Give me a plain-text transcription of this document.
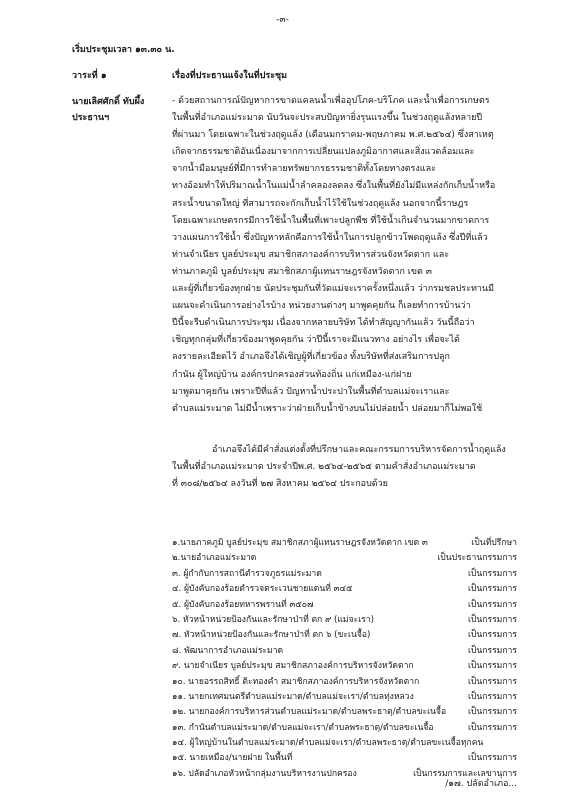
-๓-
เริ่มประชุมเวลา ๑๓.๓๐ น.
วาระที่ ๑	เรื่องที่ประธานแจ้งในที่ประชุม
นายเลิศศักดิ์ ทับผึ้ง
ประธานฯ
- ด้วยสถานการณ์ปัญหาการขาดแคลนน้ำเพื่ออุปโภค-บริโภค และน้ำเพื่อการเกษตร
ในพื้นที่อำเภอแม่ระมาด นับวันจะประสบปัญหายิ่งรุนแรงขึ้น ในช่วงฤดูแล้งหลายปี
ที่ผ่านมา โดยเฉพาะในช่วงฤดูแล้ง (เดือนมกราคม-พฤษภาคม พ.ศ.๒๕๖๔) ซึ่งสาเหตุ
เกิดจากธรรมชาติอันเนื่องมาจากการเปลี่ยนแปลงภูมิอากาศและสิ่งแวดล้อมและ
จากน้ำมือมนุษย์ที่มีการทำลายทรัพยากรธรรมชาติทั้งโดยทางตรงและ
ทางอ้อมทำให้ปริมาณน้ำในแม่น้ำลำคลองลดลง ซึ่งในพื้นที่ยังไม่มีแหล่งกักเก็บน้ำหรือ
สระน้ำขนาดใหญ่ ที่สามารถจะกักเก็บน้ำไว้ใช้ในช่วงฤดูแล้ง นอกจากนี้ราษฎร
โดยเฉพาะเกษตรกรมีการใช้น้ำในพื้นที่เพาะปลูกพืช ที่ใช้น้ำเกินจำนวนมากขาดการ
วางแผนการใช้น้ำ ซึ่งปัญหาหลักคือการใช้น้ำในการปลูกข้าวโพดฤดูแล้ง ซึ่งปีที่แล้ว
ท่านจำเนียร บูลย์ประมุข สมาชิกสภาองค์การบริหารส่วนจังหวัดตาก และ
ท่านภาคภูมิ บูลย์ประมุข สมาชิกสภาผู้แทนราษฎรจังหวัดตาก เขต ๓
และผู้ที่เกี่ยวข้องทุกฝ่าย นัดประชุมกันที่วัดแม่จะเราครั้งหนึ่งแล้ว ว่ากรมชลประทานมี
แผนจะดำเนินการอย่างไรบ้าง หน่วยงานต่างๆ มาพูดคุยกัน ก็เลยทำการบ้านว่า
ปีนี้จะรีบดำเนินการประชุม เนื่องจากหลายบริษัท ได้ทำสัญญากันแล้ว วันนี้ถือว่า
เชิญทุกกลุ่มที่เกี่ยวข้องมาพูดคุยกัน ว่าปีนี้เราจะมีแนวทาง อย่างไร เพื่อจะได้
ลงรายละเอียดไว้ อำเภอจึงได้เชิญผู้ที่เกี่ยวข้อง ทั้งบริษัทที่ส่งเสริมการปลูก
กำนัน ผู้ใหญ่บ้าน องค์กรปกครองส่วนท้องถิ่น แก่เหมือง-แก่ฝาย
มาพูดมาคุยกัน เพราะปีที่แล้ว ปัญหาน้ำประปาในพื้นที่ตำบลแม่จะเราและ
ตำบลแม่ระมาด ไม่มีน้ำเพราะว่าฝ่ายเก็บน้ำข้างบนไม่ปล่อยน้ำ ปล่อยมาก็ไม่พอใช้
อำเภอจึงได้มีคำสั่งแต่งตั้งที่ปรึกษาและคณะกรรมการบริหารจัดการน้ำฤดูแล้ง
ในพื้นที่อำเภอแม่ระมาด ประจำปีพ.ศ. ๒๕๖๔-๒๕๖๕ ตามคำสั่งอำเภอแม่ระมาด
ที่ ๓๐๘/๒๕๖๔ ลงวันที่ ๒๗ สิงหาคม ๒๕๖๔ ประกอบด้วย
๑.นายภาคภูมิ บูลย์ประมุข สมาชิกสภาผู้แทนราษฎรจังหวัดตาก เขต ๓	เป็นที่ปรึกษา
๒.นายอำเภอแม่ระมาด	เป็นประธานกรรมการ
๓. ผู้กำกับการสถานีตำรวจภูธรแม่ระมาด	เป็นกรรมการ
๔. ผู้บังคับกองร้อยตำรวจตระเวนชายแดนที่ ๓๔๕	เป็นกรรมการ
๕. ผู้บังคับกองร้อยทหารพรานที่ ๓๕๐๗	เป็นกรรมการ
๖. หัวหน้าหน่วยป้องกันและรักษาป่าที่ ตก ๙ (แม่จะเรา)	เป็นกรรมการ
๗. หัวหน้าหน่วยป้องกันและรักษาป่าที่ ตก ๖ (ขะเนจื้อ)	เป็นกรรมการ
๘. พัฒนาการอำเภอแม่ระมาด	เป็นกรรมการ
๙. นายจำเนียร บูลย์ประมุข สมาชิกสภาองค์การบริหารจังหวัดตาก	เป็นกรรมการ
๑๐. นายอรรถสิทธิ์ ติะทองคำ สมาชิกสภาองค์การบริหารจังหวัดตาก	เป็นกรรมการ
๑๑. นายกเทศมนตรีตำบลแม่ระมาด/ตำบลแม่จะเรา/ตำบลทุ่งหลวง	เป็นกรรมการ
๑๒. นายกองค์การบริหารส่วนตำบลแม่ระมาด/ตำบลพระธาตุ/ตำบลขะเนจื้อ	เป็นกรรมการ
๑๓. กำนันตำบลแม่ระมาด/ตำบลแม่จะเรา/ตำบลพระธาตุ/ตำบลขะเนจื้อ	เป็นกรรมการ
๑๔. ผู้ใหญ่บ้านในตำบลแม่ระมาด/ตำบลแม่จะเรา/ตำบลพระธาตุ/ตำบลขะเนจื้อทุกคน
๑๕. นายเหมือง/นายฝาย ในพื้นที่	เป็นกรรมการ
๑๖. ปลัดอำเภอหัวหน้ากลุ่มงานบริหารงานปกครอง	เป็นกรรมการและเลขานุการ
/๑๗. ปลัดอำเภอ...
